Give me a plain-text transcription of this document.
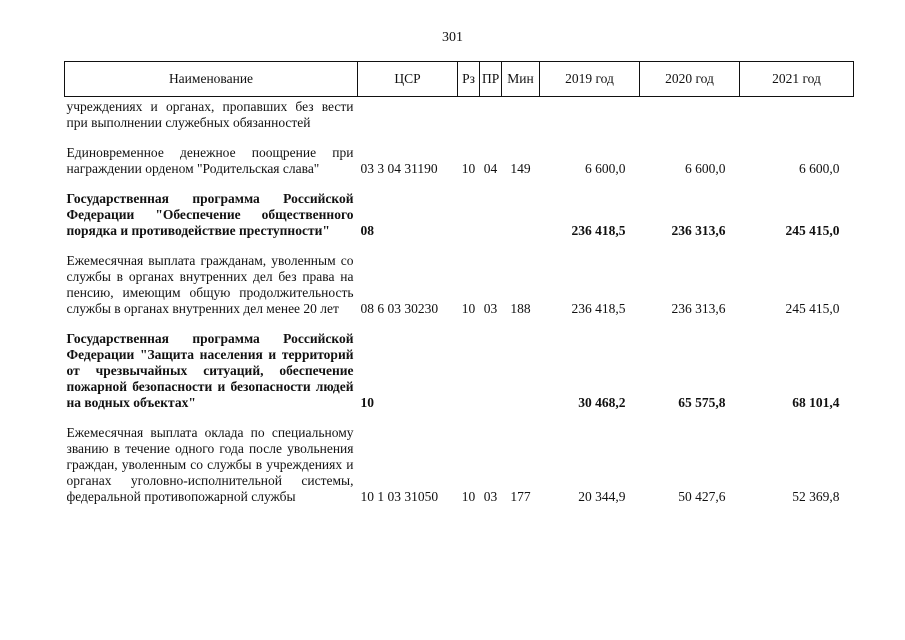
301
Наименование	ЦСР	Рз	ПР	Мин	2019 год	2020 год	2021 год
учреждениях и органах, пропавших без вести при выполнении служебных обязанностей							

Единовременное денежное поощрение при награждении орденом "Родительская слава"	03 3 04 31190	10	04	149	6 600,0	6 600,0	6 600,0

Государственная программа Российской Федерации "Обеспечение общественного порядка и противодействие преступности"	08				236 418,5	236 313,6	245 415,0

Ежемесячная выплата гражданам, уволенным со службы в органах внутренних дел без права на пенсию, имеющим общую продолжительность службы в органах внутренних дел менее 20 лет	08 6 03 30230	10	03	188	236 418,5	236 313,6	245 415,0

Государственная программа Российской Федерации "Защита населения и территорий от чрезвычайных ситуаций, обеспечение пожарной безопасности и безопасности людей на водных объектах"	10				30 468,2	65 575,8	68 101,4

Ежемесячная выплата оклада по специальному званию в течение одного года после увольнения граждан, уволенным со службы в учреждениях и органах уголовно-исполнительной системы, федеральной противопожарной службы	10 1 03 31050	10	03	177	20 344,9	50 427,6	52 369,8
